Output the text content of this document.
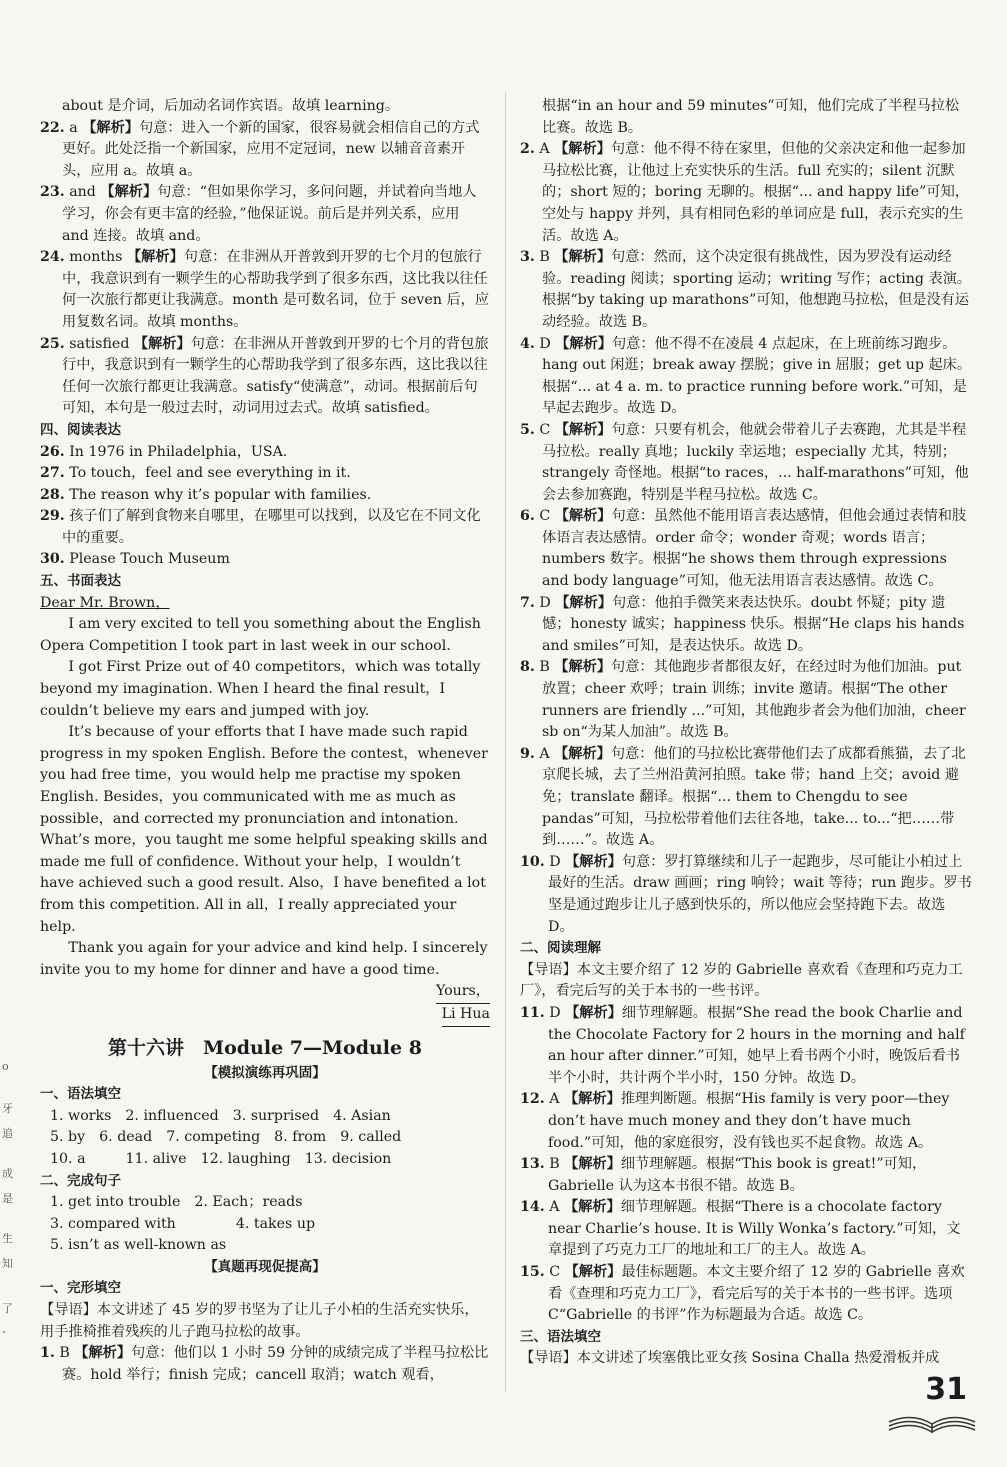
o
牙
追
成
是
生
知
了
-

about 是介词，后加动名词作宾语。故填 learning。

22. a 【解析】句意：进入一个新的国家，很容易就会相信自己的方式更好。此处泛指一个新国家，应用不定冠词，new 以辅音音素开头，应用 a。故填 a。

23. and 【解析】句意：“但如果你学习，多问问题，并试着向当地人学习，你会有更丰富的经验，”他保证说。前后是并列关系，应用 and 连接。故填 and。

24. months 【解析】句意：在非洲从开普敦到开罗的七个月的包旅行中，我意识到有一颗学生的心帮助我学到了很多东西，这比我以往任何一次旅行都更让我满意。month 是可数名词，位于 seven 后，应用复数名词。故填 months。

25. satisfied 【解析】句意：在非洲从开普敦到开罗的七个月的背包旅行中，我意识到有一颗学生的心帮助我学到了很多东西，这比我以往任何一次旅行都更让我满意。satisfy“使满意”，动词。根据前后句可知，本句是一般过去时，动词用过去式。故填 satisfied。

四、阅读表达

26. In 1976 in Philadelphia，USA.

27. To touch，feel and see everything in it.

28. The reason why it’s popular with families.

29. 孩子们了解到食物来自哪里，在哪里可以找到，以及它在不同文化中的重要。

30. Please Touch Museum

五、书面表达

Dear Mr. Brown，

I am very excited to tell you something about the English Opera Competition I took part in last week in our school.

I got First Prize out of 40 competitors，which was totally beyond my imagination. When I heard the final result，I couldn’t believe my ears and jumped with joy.

It’s because of your efforts that I have made such rapid progress in my spoken English. Before the contest，whenever you had free time，you would help me practise my spoken English. Besides，you communicated with me as much as possible，and corrected my pronunciation and intonation. What’s more，you taught me some helpful speaking skills and made me full of confidence. Without your help，I wouldn’t have achieved such a good result. Also，I have benefited a lot from this competition. All in all，I really appreciated your help.

Thank you again for your advice and kind help. I sincerely invite you to my home for dinner and have a good time.

Yours，

Li Hua

第十六讲　Module 7—Module 8

【模拟演练再巩固】

一、语法填空

1. works 2. influenced 3. surprised 4. Asian
5. by 6. dead 7. competing 8. from 9. called
10. a	11. alive 12. laughing 13. decision

二、完成句子

1. get into trouble 2. Each；reads
3. compared with	4. takes up
5. isn’t as well-known as

【真题再现促提高】

一、完形填空

【导语】本文讲述了 45 岁的罗书坚为了让儿子小柏的生活充实快乐，用手推椅推着残疾的儿子跑马拉松的故事。

1. B 【解析】句意：他们以 1 小时 59 分钟的成绩完成了半程马拉松比赛。hold 举行；finish 完成；cancell 取消；watch 观看，

根据“in an hour and 59 minutes”可知，他们完成了半程马拉松比赛。故选 B。

2. A 【解析】句意：他不得不待在家里，但他的父亲决定和他一起参加马拉松比赛，让他过上充实快乐的生活。full 充实的；silent 沉默的；short 短的；boring 无聊的。根据“... and happy life”可知，空处与 happy 并列，具有相同色彩的单词应是 full，表示充实的生活。故选 A。

3. B 【解析】句意：然而，这个决定很有挑战性，因为罗没有运动经验。reading 阅读；sporting 运动；writing 写作；acting 表演。根据“by taking up marathons”可知，他想跑马拉松，但是没有运动经验。故选 B。

4. D 【解析】句意：他不得不在凌晨 4 点起床，在上班前练习跑步。hang out 闲逛；break away 摆脱；give in 屈服；get up 起床。根据“... at 4 a. m. to practice running before work.”可知，是早起去跑步。故选 D。

5. C 【解析】句意：只要有机会，他就会带着儿子去赛跑，尤其是半程马拉松。really 真地；luckily 幸运地；especially 尤其，特别；strangely 奇怪地。根据“to races，... half-marathons”可知，他会去参加赛跑，特别是半程马拉松。故选 C。

6. C 【解析】句意：虽然他不能用语言表达感情，但他会通过表情和肢体语言表达感情。order 命令；wonder 奇观；words 语言；numbers 数字。根据“he shows them through expressions and body language”可知，他无法用语言表达感情。故选 C。

7. D 【解析】句意：他拍手微笑来表达快乐。doubt 怀疑；pity 遗憾；honesty 诚实；happiness 快乐。根据“He claps his hands and smiles”可知，是表达快乐。故选 D。

8. B 【解析】句意：其他跑步者都很友好，在经过时为他们加油。put 放置；cheer 欢呼；train 训练；invite 邀请。根据“The other runners are friendly ...”可知，其他跑步者会为他们加油，cheer sb on“为某人加油”。故选 B。

9. A 【解析】句意：他们的马拉松比赛带他们去了成都看熊猫，去了北京爬长城，去了兰州沿黄河拍照。take 带；hand 上交；avoid 避免；translate 翻译。根据“... them to Chengdu to see pandas”可知，马拉松带着他们去往各地，take... to...“把……带到……”。故选 A。

10. D 【解析】句意：罗打算继续和儿子一起跑步，尽可能让小柏过上最好的生活。draw 画画；ring 响铃；wait 等待；run 跑步。罗书坚是通过跑步让儿子感到快乐的，所以他应会坚持跑下去。故选 D。

二、阅读理解

【导语】本文主要介绍了 12 岁的 Gabrielle 喜欢看《查理和巧克力工厂》，看完后写的关于本书的一些书评。

11. D 【解析】细节理解题。根据“She read the book Charlie and the Chocolate Factory for 2 hours in the morning and half an hour after dinner.”可知，她早上看书两个小时，晚饭后看书半个小时，共计两个半小时，150 分钟。故选 D。

12. A 【解析】推理判断题。根据“His family is very poor—they don’t have much money and they don’t have much food.”可知，他的家庭很穷，没有钱也买不起食物。故选 A。

13. B 【解析】细节理解题。根据“This book is great!”可知，Gabrielle 认为这本书很不错。故选 B。

14. A 【解析】细节理解题。根据“There is a chocolate factory near Charlie’s house. It is Willy Wonka’s factory.”可知，文章提到了巧克力工厂的地址和工厂的主人。故选 A。

15. C 【解析】最佳标题题。本文主要介绍了 12 岁的 Gabrielle 喜欢看《查理和巧克力工厂》，看完后写的关于本书的一些书评。选项 C“Gabrielle 的书评”作为标题最为合适。故选 C。

三、语法填空

【导语】本文讲述了埃塞俄比亚女孩 Sosina Challa 热爱滑板并成

31
